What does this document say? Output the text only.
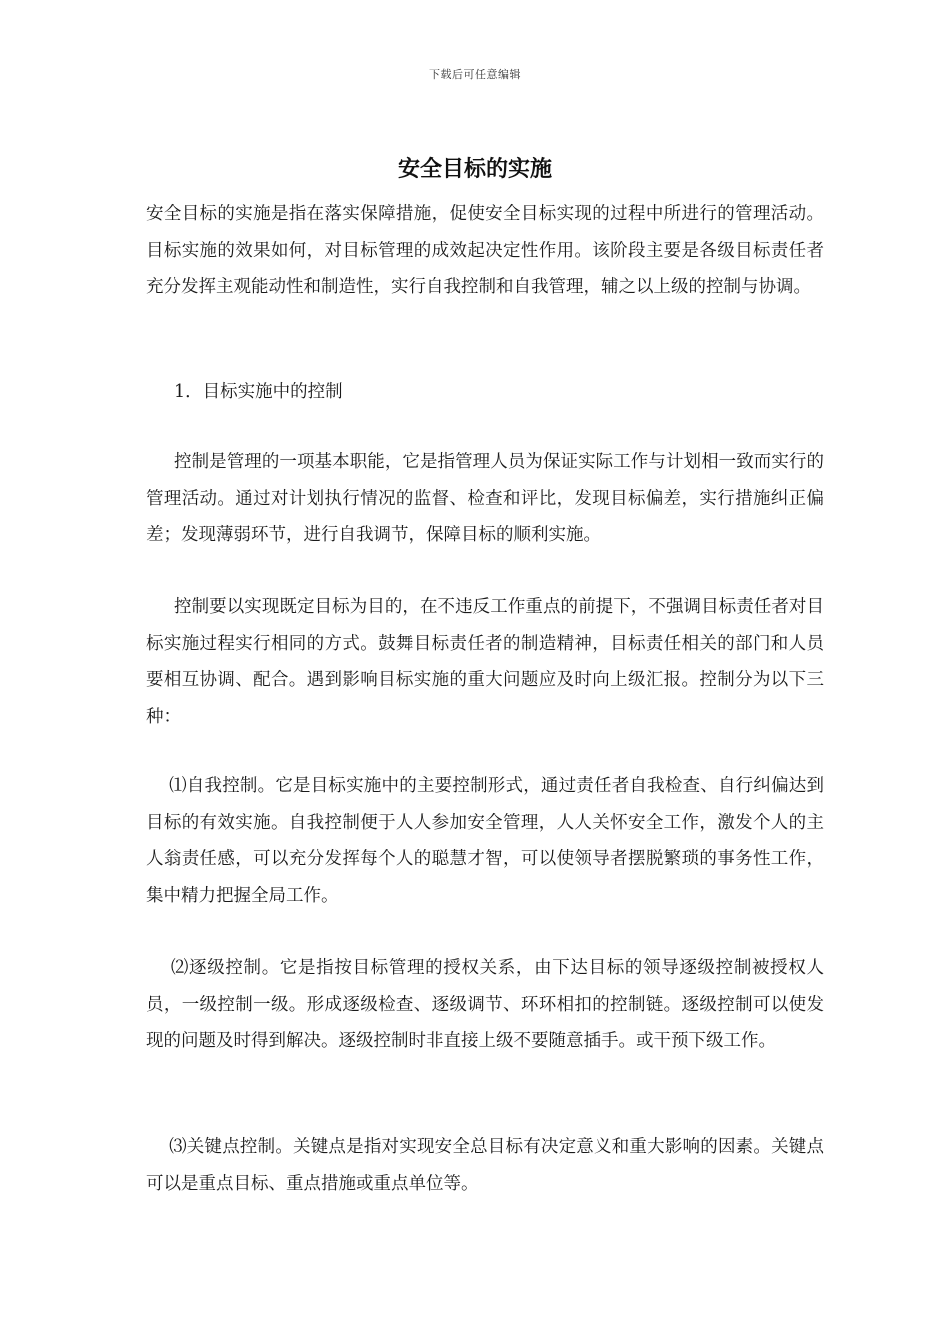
下载后可任意编辑
安全目标的实施

安全目标的实施是指在落实保障措施，促使安全目标实现的过程中所进行的管理活动。目标实施的效果如何，对目标管理的成效起决定性作用。该阶段主要是各级目标责任者充分发挥主观能动性和制造性，实行自我控制和自我管理，辅之以上级的控制与协调。

1．目标实施中的控制

控制是管理的一项基本职能，它是指管理人员为保证实际工作与计划相一致而实行的管理活动。通过对计划执行情况的监督、检查和评比，发现目标偏差，实行措施纠正偏差；发现薄弱环节，进行自我调节，保障目标的顺利实施。

控制要以实现既定目标为目的，在不违反工作重点的前提下，不强调目标责任者对目标实施过程实行相同的方式。鼓舞目标责任者的制造精神，目标责任相关的部门和人员要相互协调、配合。遇到影响目标实施的重大问题应及时向上级汇报。控制分为以下三种：

⑴自我控制。它是目标实施中的主要控制形式，通过责任者自我检查、自行纠偏达到目标的有效实施。自我控制便于人人参加安全管理，人人关怀安全工作，激发个人的主人翁责任感，可以充分发挥每个人的聪慧才智，可以使领导者摆脱繁琐的事务性工作，集中精力把握全局工作。

⑵逐级控制。它是指按目标管理的授权关系，由下达目标的领导逐级控制被授权人员，一级控制一级。形成逐级检查、逐级调节、环环相扣的控制链。逐级控制可以使发现的问题及时得到解决。逐级控制时非直接上级不要随意插手。或干预下级工作。

⑶关键点控制。关键点是指对实现安全总目标有决定意义和重大影响的因素。关键点可以是重点目标、重点措施或重点单位等。
